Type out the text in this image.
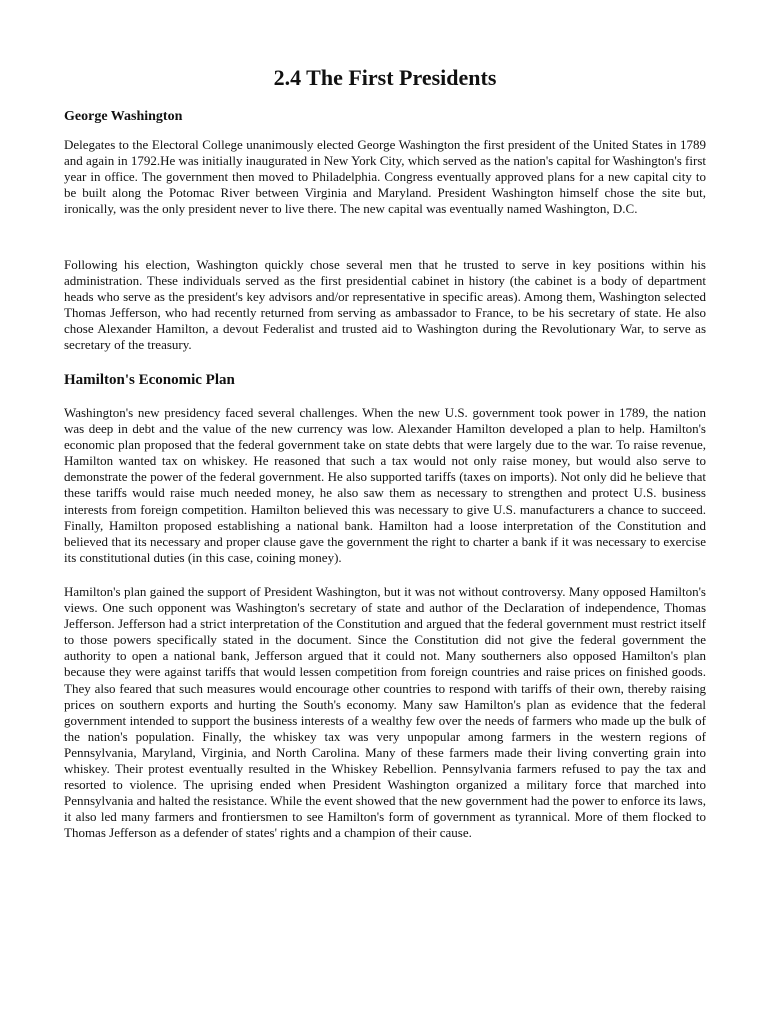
2.4 The First Presidents
George Washington

Delegates to the Electoral College unanimously elected George Washington the first president of the United States in 1789 and again in 1792.He was initially inaugurated in New York City, which served as the nation's capital for Washington's first year in office. The government then moved to Philadelphia. Congress eventually approved plans for a new capital city to be built along the Potomac River between Virginia and Maryland. President Washington himself chose the site but, ironically, was the only president never to live there. The new capital was eventually named Washington, D.C.

Following his election, Washington quickly chose several men that he trusted to serve in key positions within his administration. These individuals served as the first presidential cabinet in history (the cabinet is a body of department heads who serve as the president's key advisors and/or representative in specific areas). Among them, Washington selected Thomas Jefferson, who had recently returned from serving as ambassador to France, to be his secretary of state. He also chose Alexander Hamilton, a devout Federalist and trusted aid to Washington during the Revolutionary War, to serve as secretary of the treasury.

Hamilton's Economic Plan

Washington's new presidency faced several challenges. When the new U.S. government took power in 1789, the nation was deep in debt and the value of the new currency was low. Alexander Hamilton developed a plan to help. Hamilton's economic plan proposed that the federal government take on state debts that were largely due to the war. To raise revenue, Hamilton wanted tax on whiskey. He reasoned that such a tax would not only raise money, but would also serve to demonstrate the power of the federal government. He also supported tariffs (taxes on imports). Not only did he believe that these tariffs would raise much needed money, he also saw them as necessary to strengthen and protect U.S. business interests from foreign competition. Hamilton believed this was necessary to give U.S. manufacturers a chance to succeed. Finally, Hamilton proposed establishing a national bank. Hamilton had a loose interpretation of the Constitution and believed that its necessary and proper clause gave the government the right to charter a bank if it was necessary to exercise its constitutional duties (in this case, coining money).

Hamilton's plan gained the support of President Washington, but it was not without controversy. Many opposed Hamilton's views. One such opponent was Washington's secretary of state and author of the Declaration of independence, Thomas Jefferson. Jefferson had a strict interpretation of the Constitution and argued that the federal government must restrict itself to those powers specifically stated in the document. Since the Constitution did not give the federal government the authority to open a national bank, Jefferson argued that it could not. Many southerners also opposed Hamilton's plan because they were against tariffs that would lessen competition from foreign countries and raise prices on finished goods. They also feared that such measures would encourage other countries to respond with tariffs of their own, thereby raising prices on southern exports and hurting the South's economy. Many saw Hamilton's plan as evidence that the federal government intended to support the business interests of a wealthy few over the needs of farmers who made up the bulk of the nation's population. Finally, the whiskey tax was very unpopular among farmers in the western regions of Pennsylvania, Maryland, Virginia, and North Carolina. Many of these farmers made their living converting grain into whiskey. Their protest eventually resulted in the Whiskey Rebellion. Pennsylvania farmers refused to pay the tax and resorted to violence. The uprising ended when President Washington organized a military force that marched into Pennsylvania and halted the resistance. While the event showed that the new government had the power to enforce its laws, it also led many farmers and frontiersmen to see Hamilton's form of government as tyrannical. More of them flocked to Thomas Jefferson as a defender of states' rights and a champion of their cause.
